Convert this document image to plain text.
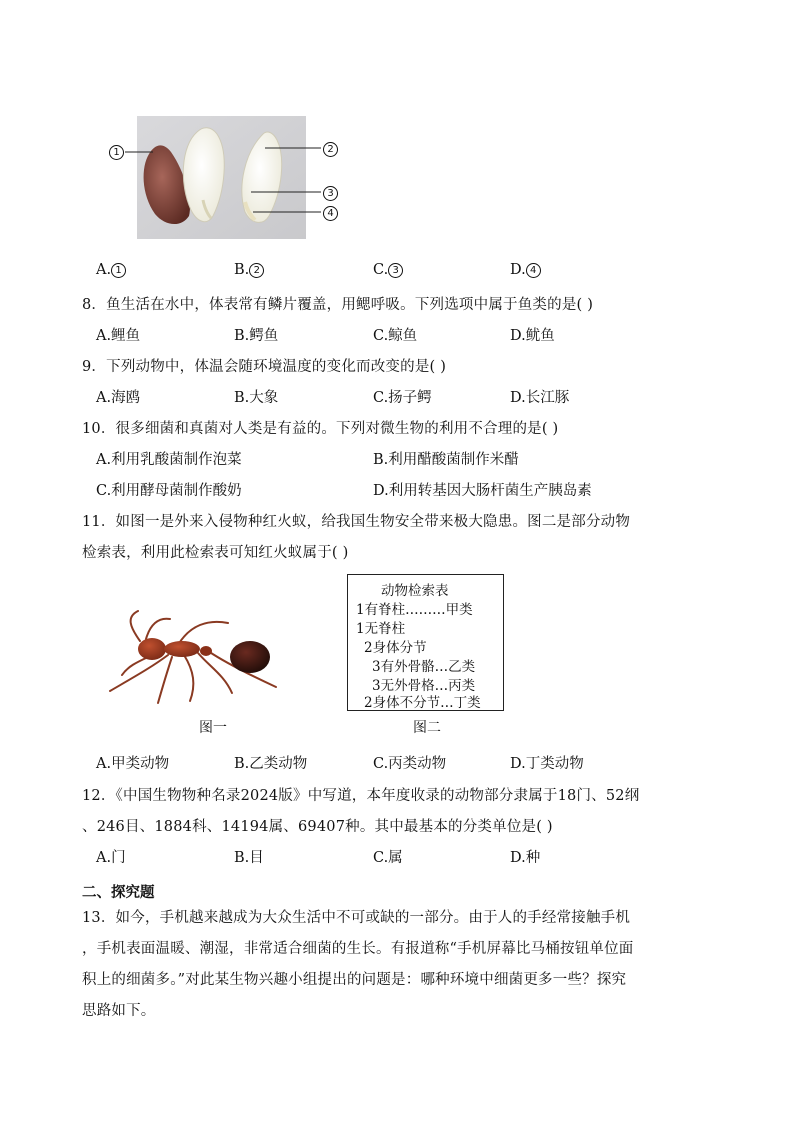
1	2
3
4
A. 1	B. 2	C. 3	D. 4
8．鱼生活在水中，体表常有鳞片覆盖，用鳃呼吸。下列选项中属于鱼类的是( )
A.鲤鱼	B.鳄鱼	C.鲸鱼	D.鱿鱼
9．下列动物中，体温会随环境温度的变化而改变的是( )
A.海鸥	B.大象	C.扬子鳄	D.长江豚
10．很多细菌和真菌对人类是有益的。下列对微生物的利用不合理的是( )
A.利用乳酸菌制作泡菜	B.利用醋酸菌制作米醋
C.利用酵母菌制作酸奶	D.利用转基因大肠杆菌生产胰岛素
11．如图一是外来入侵物种红火蚁，给我国生物安全带来极大隐患。图二是部分动物
检索表，利用此检索表可知红火蚁属于( )
图一
动物检索表
1有脊柱………甲类
1无脊柱
2身体分节
3有外骨骼…乙类
3无外骨格…丙类
2身体不分节…丁类
图二
A.甲类动物	B.乙类动物	C.丙类动物	D.丁类动物
12．《中国生物物种名录2024版》中写道，本年度收录的动物部分隶属于18门、52纲
、246目、1884科、14194属、69407种。其中最基本的分类单位是( )
A.门	B.目	C.属	D.种
二、探究题
13．如今，手机越来越成为大众生活中不可或缺的一部分。由于人的手经常接触手机
，手机表面温暖、潮湿，非常适合细菌的生长。有报道称“手机屏幕比马桶按钮单位面
积上的细菌多。”对此某生物兴趣小组提出的问题是：哪种环境中细菌更多一些？探究
思路如下。
